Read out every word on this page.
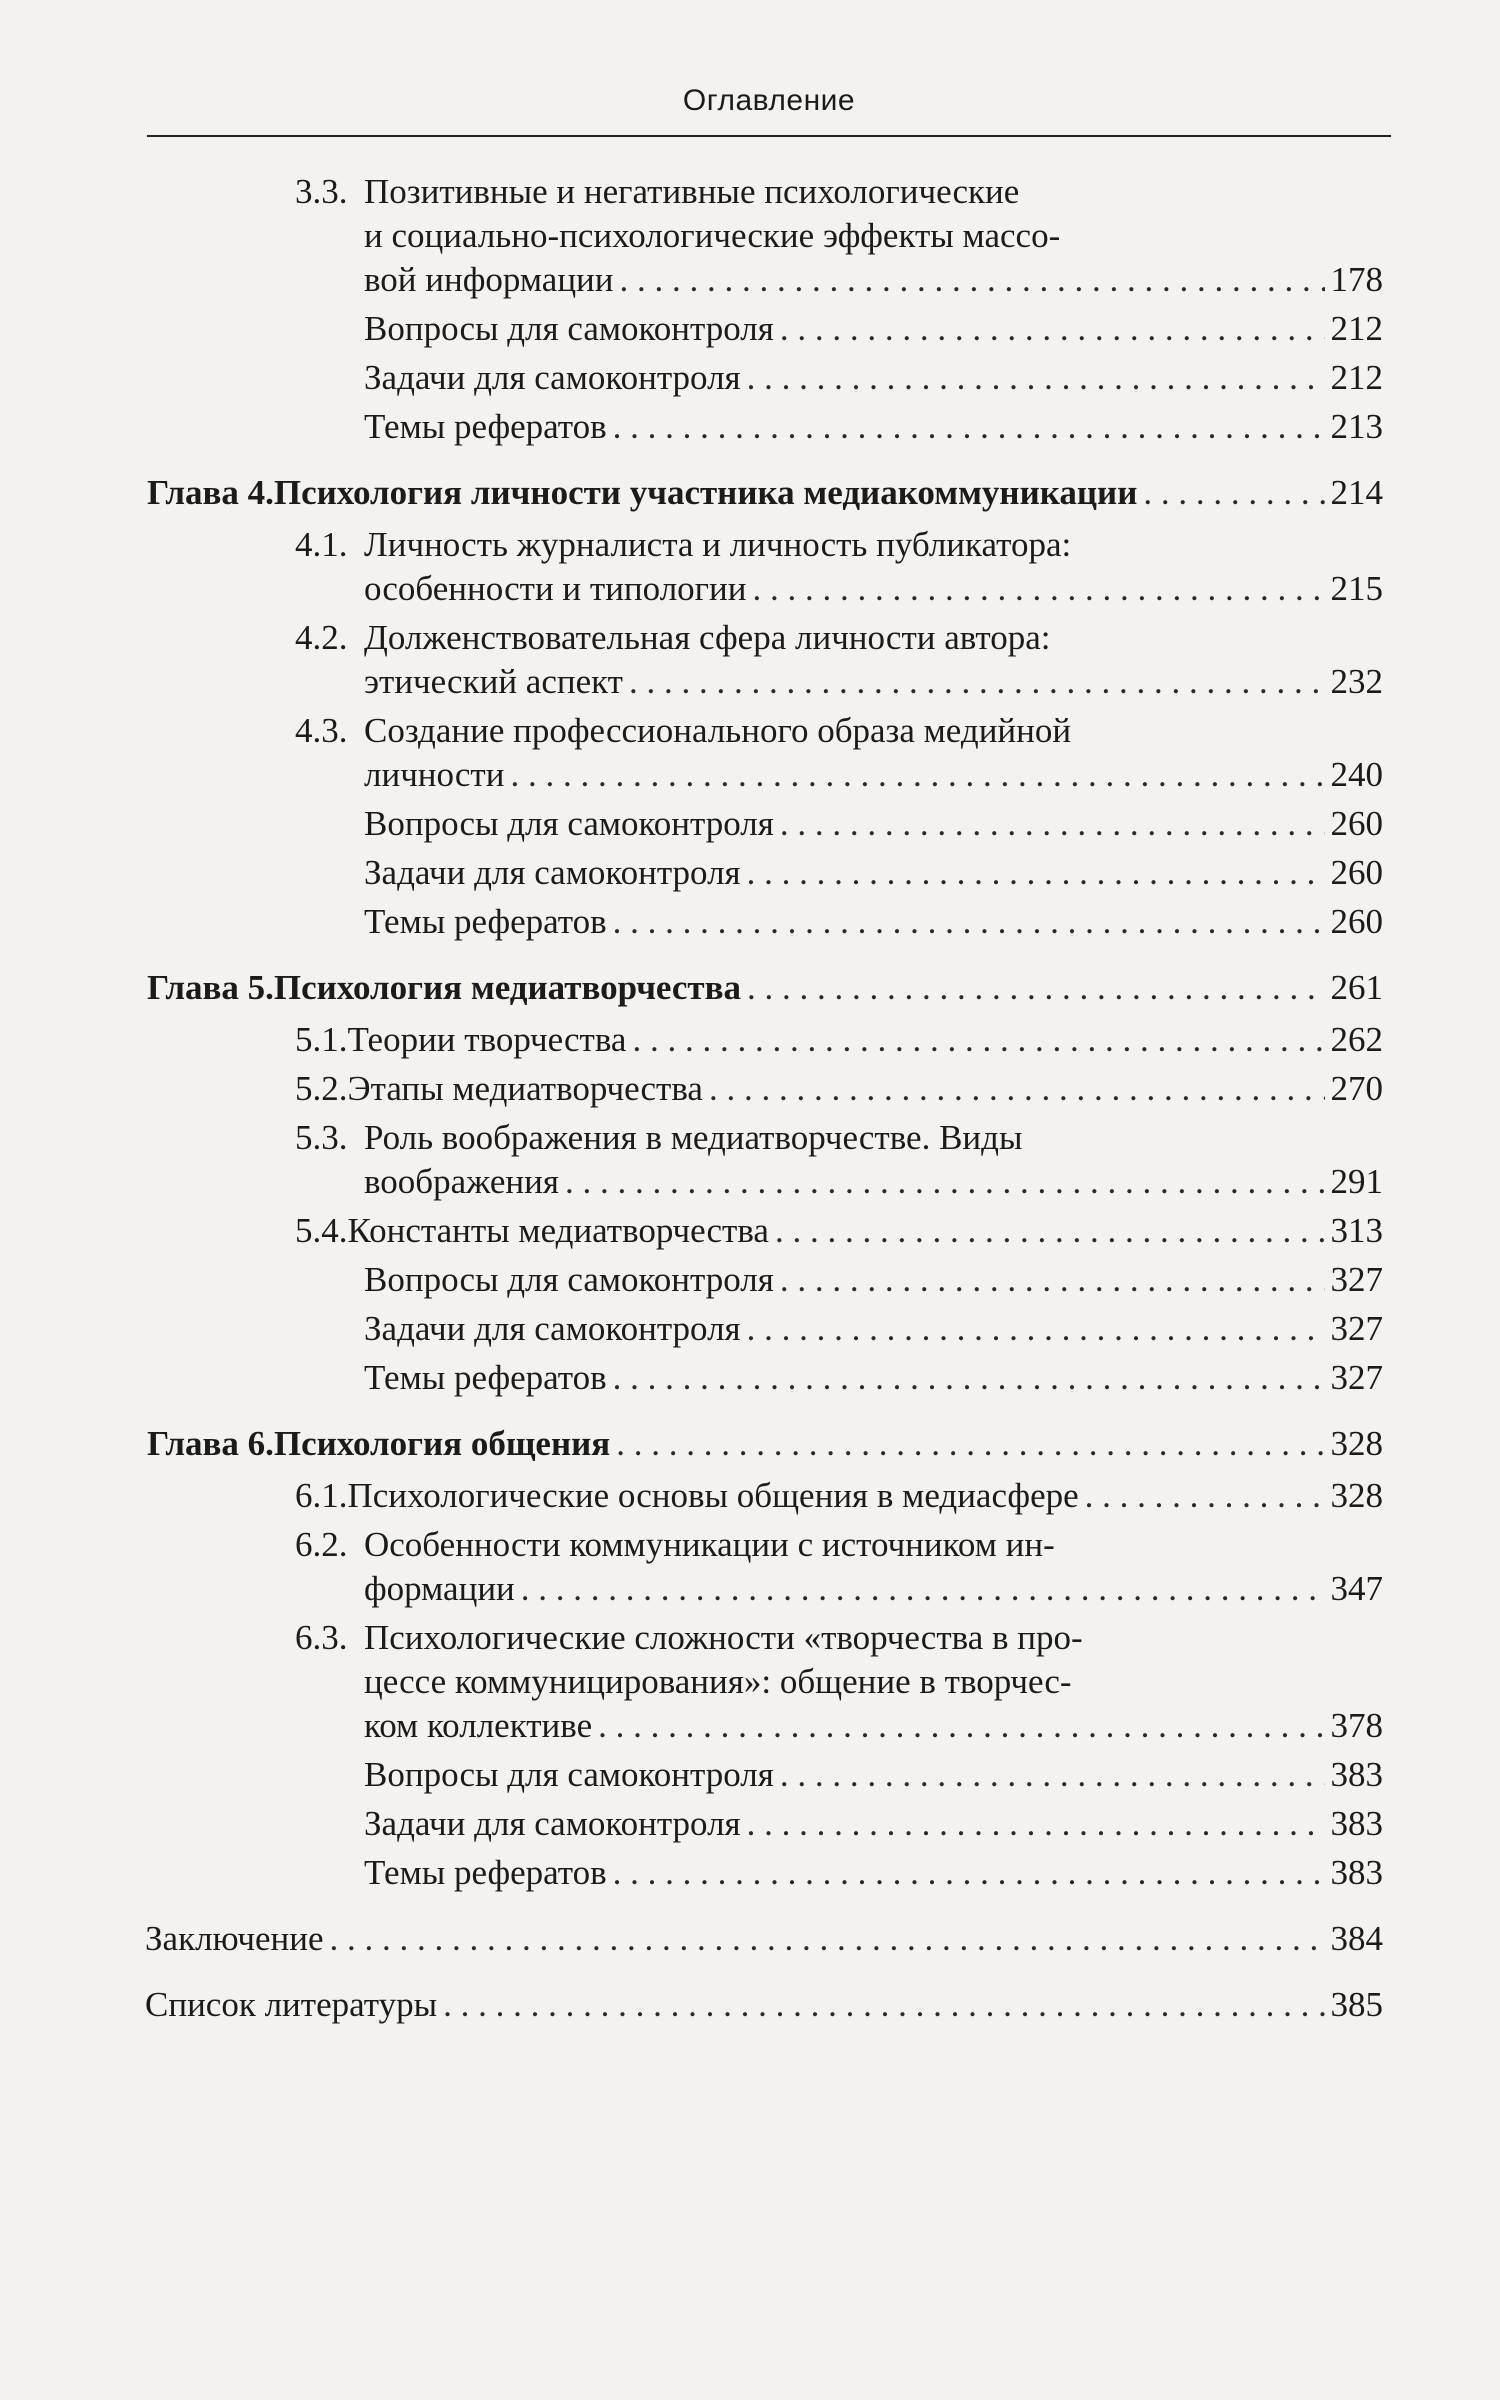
Оглавление
3.3. Позитивные и негативные психологические
и социально-психологические эффекты массо-
вой информации . . .	178
Вопросы для самоконтроля . . .	212
Задачи для самоконтроля . . .	212
Темы рефератов . . .	213
Глава 4. Психология личности участника медиакоммуникации . . .	214
4.1. Личность журналиста и личность публикатора:
особенности и типологии . . .	215
4.2. Долженствовательная сфера личности автора:
этический аспект . . .	232
4.3. Создание профессионального образа медийной
личности . . .	240
Вопросы для самоконтроля . . .	260
Задачи для самоконтроля . . .	260
Темы рефератов . . .	260
Глава 5. Психология медиатворчества . . .	261
5.1. Теории творчества . . .	262
5.2. Этапы медиатворчества . . .	270
5.3. Роль воображения в медиатворчестве. Виды
воображения . . .	291
5.4. Константы медиатворчества . . .	313
Вопросы для самоконтроля . . .	327
Задачи для самоконтроля . . .	327
Темы рефератов . . .	327
Глава 6. Психология общения . . .	328
6.1. Психологические основы общения в медиасфере . . .	328
6.2. Особенности коммуникации с источником ин-
формации . . .	347
6.3. Психологические сложности «творчества в про-
цессе коммуницирования»: общение в творчес-
ком коллективе . . .	378
Вопросы для самоконтроля . . .	383
Задачи для самоконтроля . . .	383
Темы рефератов . . .	383
Заключение . . .	384
Список литературы . . .	385
